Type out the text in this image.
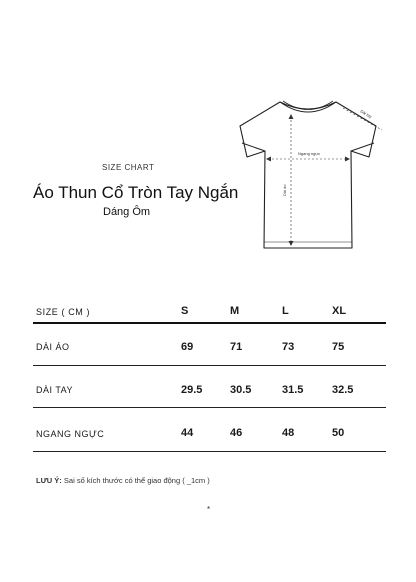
SIZE CHART
Áo Thun Cổ Tròn Tay Ngắn
Dáng Ôm
Dài áo
Ngang ngực
Dài tay
SIZE ( CM )	S	M	L	XL
DÀI ÁO	69	71	73	75
DÀI TAY	29.5	30.5	31.5	32.5
NGANG NGỰC	44	46	48	50
LƯU Ý: Sai số kích thước có thể giao động ( _1cm )
*
